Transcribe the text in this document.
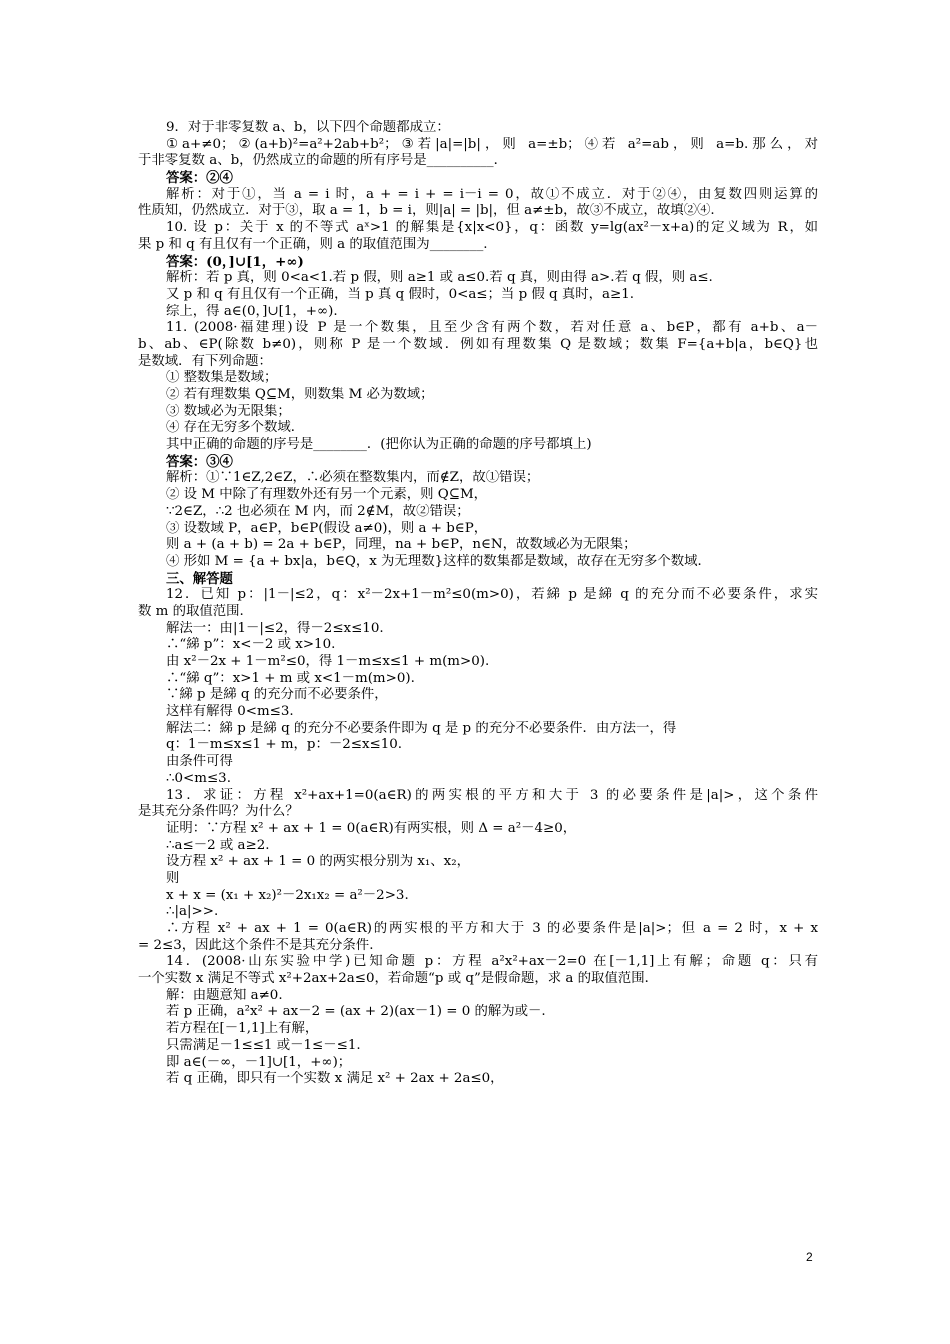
9．对于非零复数 a、b，以下四个命题都成立：
①a+≠0；②(a+b)²=a²+2ab+b²；③若|a|=|b|，则 a=±b；④若 a²=ab，则 a=b.那么，对
于非零复数 a、b，仍然成立的命题的所有序号是__________．
答案：②④
解析：对于①，当 a = i 时，a + = i + = i－i = 0，故①不成立．对于②④，由复数四则运算的
性质知，仍然成立．对于③，取 a = 1，b = i，则|a| = |b|，但 a≠±b，故③不成立，故填②④.
10. 设 p：关于 x 的不等式 aˣ>1 的解集是{x|x<0}，q：函数 y=lg(ax²－x+a)的定义域为 R，如
果 p 和 q 有且仅有一个正确，则 a 的取值范围为________.
答案：(0，]∪[1，+∞)
解析：若 p 真，则 0<a<1.若 p 假，则 a≥1 或 a≤0.若 q 真，则由得 a>.若 q 假，则 a≤.
又 p 和 q 有且仅有一个正确，当 p 真 q 假时，0<a≤；当 p 假 q 真时，a≥1.
综上，得 a∈(0，]∪[1，+∞).
11. (2008·福建理)设 P 是一个数集，且至少含有两个数，若对任意 a、b∈P，都有 a+b、a－
b、ab、∈P(除数 b≠0)，则称 P 是一个数域．例如有理数集 Q 是数域；数集 F={a+b|a，b∈Q}也
是数域．有下列命题：
① 整数集是数域；
② 若有理数集 Q⊆M，则数集 M 必为数域；
③ 数域必为无限集；
④ 存在无穷多个数域．
其中正确的命题的序号是________．(把你认为正确的命题的序号都填上)
答案：③④
解析：①∵1∈Z,2∈Z，∴必须在整数集内，而∉Z，故①错误；
② 设 M 中除了有理数外还有另一个元素，则 Q⊆M，
∵2∈Z，∴2 也必须在 M 内，而 2∉M，故②错误；
③ 设数域 P，a∈P，b∈P(假设 a≠0)，则 a + b∈P，
则 a + (a + b) = 2a + b∈P，同理，na + b∈P，n∈N，故数域必为无限集；
④ 形如 M = {a + bx|a，b∈Q，x 为无理数}这样的数集都是数域，故存在无穷多个数域．
三、解答题
12．已知 p：|1－|≤2，q：x²－2x+1－m²≤0(m>0)，若綈 p 是綈 q 的充分而不必要条件，求实
数 m 的取值范围.
解法一：由|1－|≤2，得－2≤x≤10.
∴“綈 p”：x<－2 或 x>10.
由 x²－2x + 1－m²≤0，得 1－m≤x≤1 + m(m>0).
∴“綈 q”：x>1 + m 或 x<1－m(m>0).
∵綈 p 是綈 q 的充分而不必要条件，
这样有解得 0<m≤3.
解法二：綈 p 是綈 q 的充分不必要条件即为 q 是 p 的充分不必要条件．由方法一，得
q：1－m≤x≤1 + m，p：－2≤x≤10.
由条件可得
∴0<m≤3.
13．求证：方程 x²+ax+1=0(a∈R)的两实根的平方和大于 3 的必要条件是|a|>，这个条件
是其充分条件吗？为什么？
证明：∵方程 x² + ax + 1 = 0(a∈R)有两实根，则 Δ = a²－4≥0，
∴a≤－2 或 a≥2.
设方程 x² + ax + 1 = 0 的两实根分别为 x₁、x₂，
则
x + x = (x₁ + x₂)²－2x₁x₂ = a²－2>3.
∴|a|>>.
∴方程 x² + ax + 1 = 0(a∈R)的两实根的平方和大于 3 的必要条件是|a|>；但 a = 2 时，x + x
= 2≤3，因此这个条件不是其充分条件.
14．(2008·山东实验中学)已知命题 p：方程 a²x²+ax－2=0 在[－1,1]上有解；命题 q：只有
一个实数 x 满足不等式 x²+2ax+2a≤0，若命题“p 或 q”是假命题，求 a 的取值范围．
解：由题意知 a≠0.
若 p 正确，a²x² + ax－2 = (ax + 2)(ax－1) = 0 的解为或－.
若方程在[－1,1]上有解，
只需满足－1≤≤1 或－1≤－≤1.
即 a∈(－∞，－1]∪[1，+∞)；
若 q 正确，即只有一个实数 x 满足 x² + 2ax + 2a≤0，
2
